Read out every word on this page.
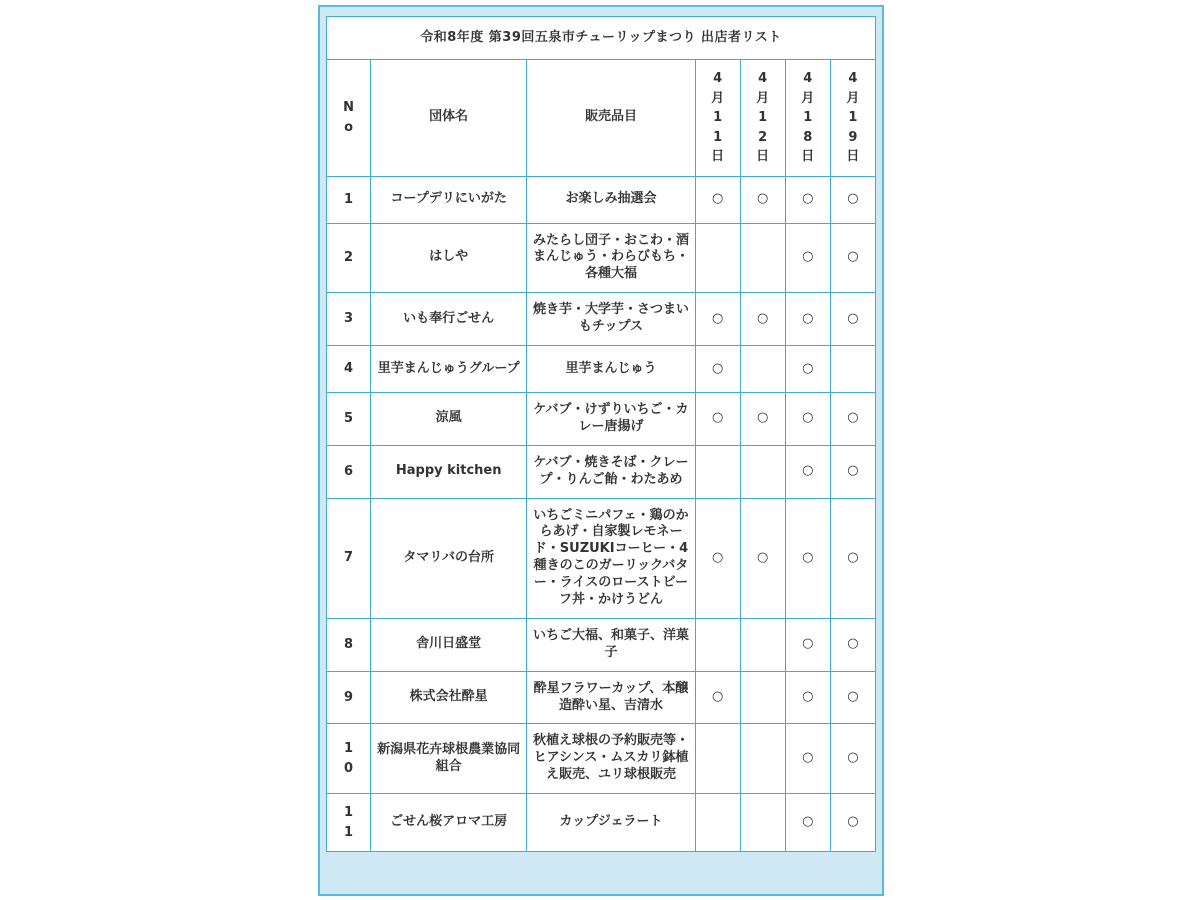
令和8年度 第39回五泉市チューリップまつり 出店者リスト						
No	団体名	販売品目	4月11日	4月12日	4月18日	4月19日
1	コープデリにいがた	お楽しみ抽選会	○	○	○	○
2	はしや	みたらし団子・おこわ・酒まんじゅう・わらびもち・各種大福			○	○
3	いも奉行ごせん	焼き芋・大学芋・さつまいもチップス	○	○	○	○
4	里芋まんじゅうグループ	里芋まんじゅう	○		○	
5	涼風	ケバブ・けずりいちご・カレー唐揚げ	○	○	○	○
6	Happy kitchen	ケバブ・焼きそば・クレープ・りんご飴・わたあめ			○	○
7	タマリバの台所	いちごミニパフェ・鶏のからあげ・自家製レモネード・SUZUKIコーヒー・4種きのこのガーリックバター・ライスのローストビーフ丼・かけうどん	○	○	○	○
8	舎川日盛堂	いちご大福、和菓子、洋菓子			○	○
9	株式会社酔星	酔星フラワーカップ、本醸造酔い星、吉清水	○		○	○
10	新潟県花卉球根農業協同組合	秋植え球根の予約販売等・ヒアシンス・ムスカリ鉢植え販売、ユリ球根販売			○	○
11	ごせん桜アロマ工房	カップジェラート			○	○
